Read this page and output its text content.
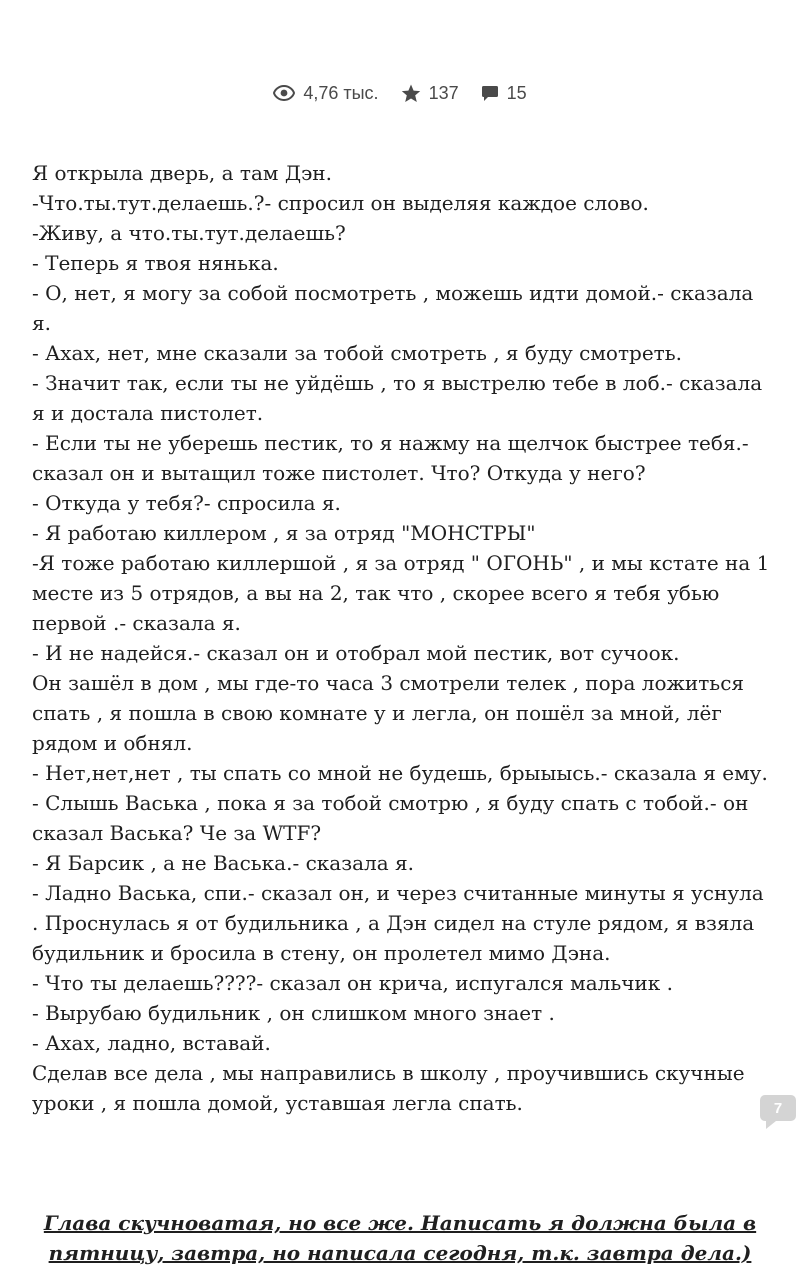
4,76 тыс.	137	15

Я открыла дверь, а там Дэн.

-Что.ты.тут.делаешь.?- спросил он выделяя каждое слово.

-Живу, а что.ты.тут.делаешь?

- Теперь я твоя нянька.

- О, нет, я могу за собой посмотреть , можешь идти домой.- сказала я.

- Ахах, нет, мне сказали за тобой смотреть , я буду смотреть.

- Значит так, если ты не уйдёшь , то я выстрелю тебе в лоб.- сказала я и достала пистолет.

- Если ты не уберешь пестик, то я нажму на щелчок быстрее тебя.- сказал он и вытащил тоже пистолет. Что? Откуда у него?

- Откуда у тебя?- спросила я.

- Я работаю киллером , я за отряд "МОНСТРЫ"

-Я тоже работаю киллершой , я за отряд " ОГОНЬ" , и мы кстате на 1 месте из 5 отрядов, а вы на 2, так что , скорее всего я тебя убью первой .- сказала я.

- И не надейся.- сказал он и отобрал мой пестик, вот сучоок.

Он зашёл в дом , мы где-то часа 3 смотрели телек , пора ложиться спать , я пошла в свою комнате у и легла, он пошёл за мной, лёг рядом и обнял.

- Нет,нет,нет , ты спать со мной не будешь, брыыысь.- сказала я ему.

- Слышь Васька , пока я за тобой смотрю , я буду спать с тобой.- он сказал Васька? Че за WTF?

- Я Барсик , а не Васька.- сказала я.

- Ладно Васька, спи.- сказал он, и через считанные минуты я уснула . Проснулась я от будильника , а Дэн сидел на стуле рядом, я взяла будильник и бросила в стену, он пролетел мимо Дэна.

- Что ты делаешь????- сказал он крича, испугался мальчик .

- Вырубаю будильник , он слишком много знает .

- Ахах, ладно, вставай.

Сделав все дела , мы направились в школу , проучившись скучные уроки , я пошла домой, уставшая легла спать.	7
Глава скучноватая, но все же. Написать я должна была в
пятницу, завтра, но написала сегодня, т.к. завтра дела.)
